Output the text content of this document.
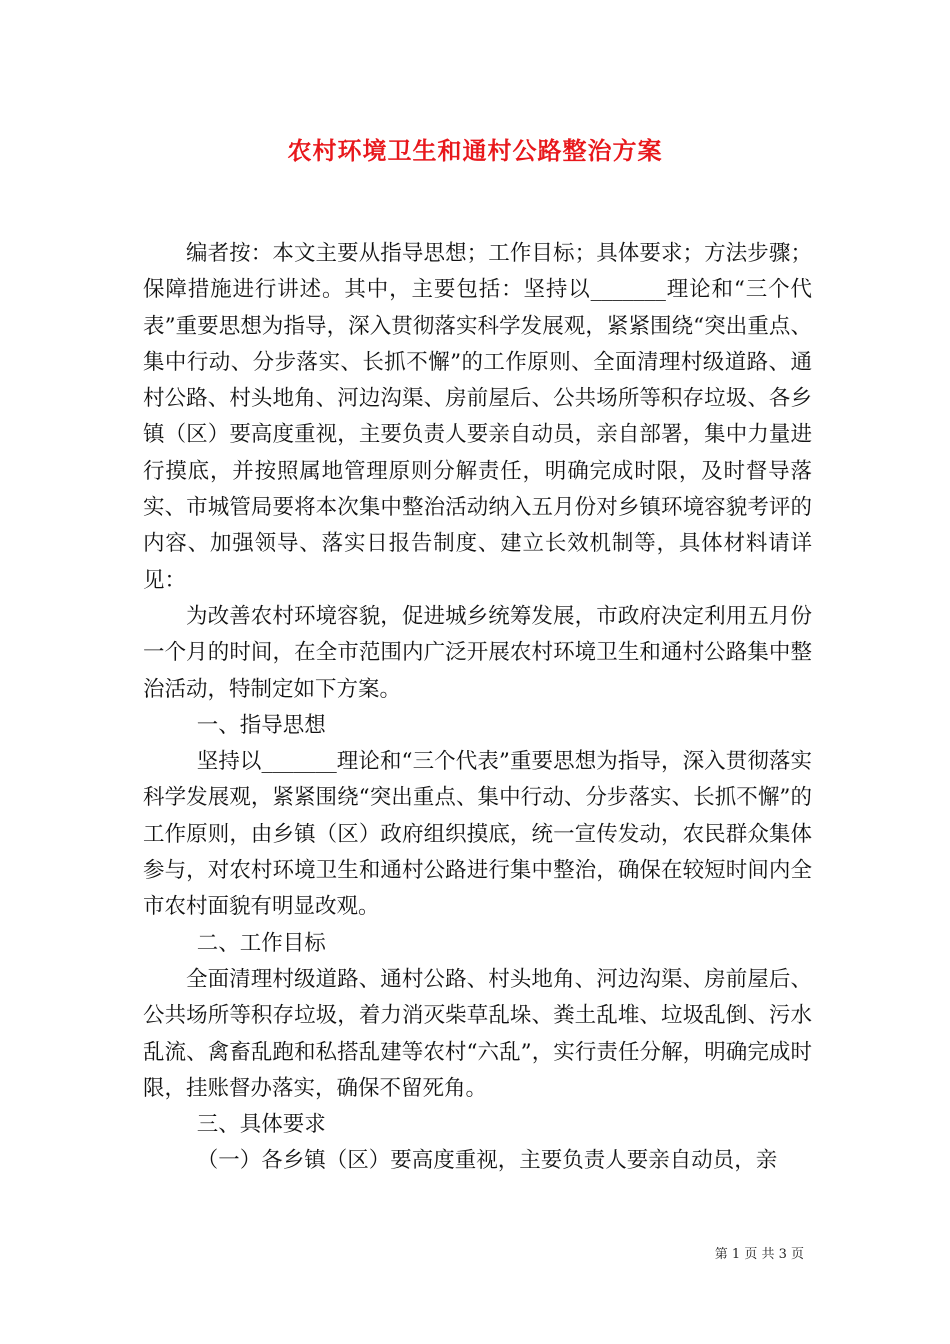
农村环境卫生和通村公路整治方案

编者按：本文主要从指导思想；工作目标；具体要求；方法步骤；保障措施进行讲述。其中，主要包括：坚持以_______理论和“三个代表”重要思想为指导，深入贯彻落实科学发展观，紧紧围绕“突出重点、集中行动、分步落实、长抓不懈”的工作原则、全面清理村级道路、通村公路、村头地角、河边沟渠、房前屋后、公共场所等积存垃圾、各乡镇（区）要高度重视，主要负责人要亲自动员，亲自部署，集中力量进行摸底，并按照属地管理原则分解责任，明确完成时限，及时督导落实、市城管局要将本次集中整治活动纳入五月份对乡镇环境容貌考评的内容、加强领导、落实日报告制度、建立长效机制等，具体材料请详见：

为改善农村环境容貌，促进城乡统筹发展，市政府决定利用五月份一个月的时间，在全市范围内广泛开展农村环境卫生和通村公路集中整治活动，特制定如下方案。

一、指导思想

坚持以_______理论和“三个代表”重要思想为指导，深入贯彻落实科学发展观，紧紧围绕“突出重点、集中行动、分步落实、长抓不懈”的工作原则，由乡镇（区）政府组织摸底，统一宣传发动，农民群众集体参与，对农村环境卫生和通村公路进行集中整治，确保在较短时间内全市农村面貌有明显改观。

二、工作目标

全面清理村级道路、通村公路、村头地角、河边沟渠、房前屋后、公共场所等积存垃圾，着力消灭柴草乱垛、粪土乱堆、垃圾乱倒、污水乱流、禽畜乱跑和私搭乱建等农村“六乱”，实行责任分解，明确完成时限，挂账督办落实，确保不留死角。

三、具体要求

（一）各乡镇（区）要高度重视，主要负责人要亲自动员，亲

第 1 页 共 3 页
